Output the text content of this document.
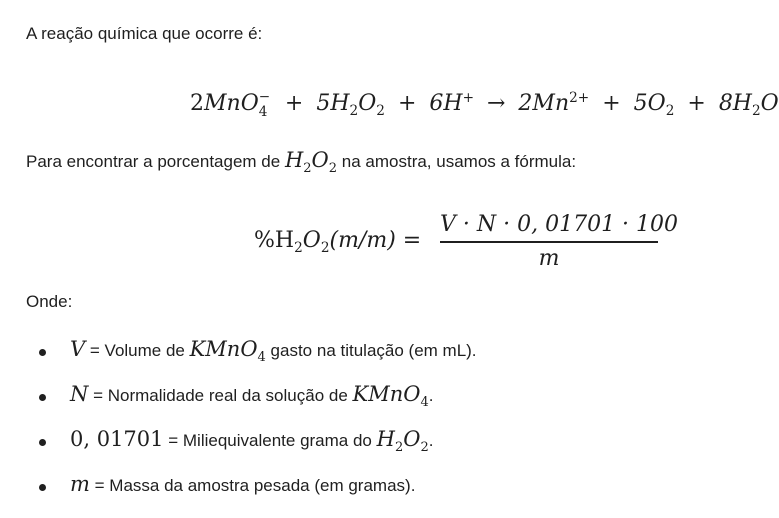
A reação química que ocorre é:
2MnO −
$4 + 5H_2O_2 + 6H^+ \to 2Mn^{2+} + 5O_2 + 8H_2O$
Para encontrar a porcentagem de $H_2O_2$ na amostra, usamos a fórmula:
$\%H_2O_2(m/m)$ =
V · N · 0, 01701 · 100
m
Onde:
V = Volume de KMnO$_4$ gasto na titulação (em mL).
N = Normalidade real da solução de KMnO$_4$.
0, 01701 = Miliequivalente grama do $H_2O_2$.
m = Massa da amostra pesada (em gramas).
